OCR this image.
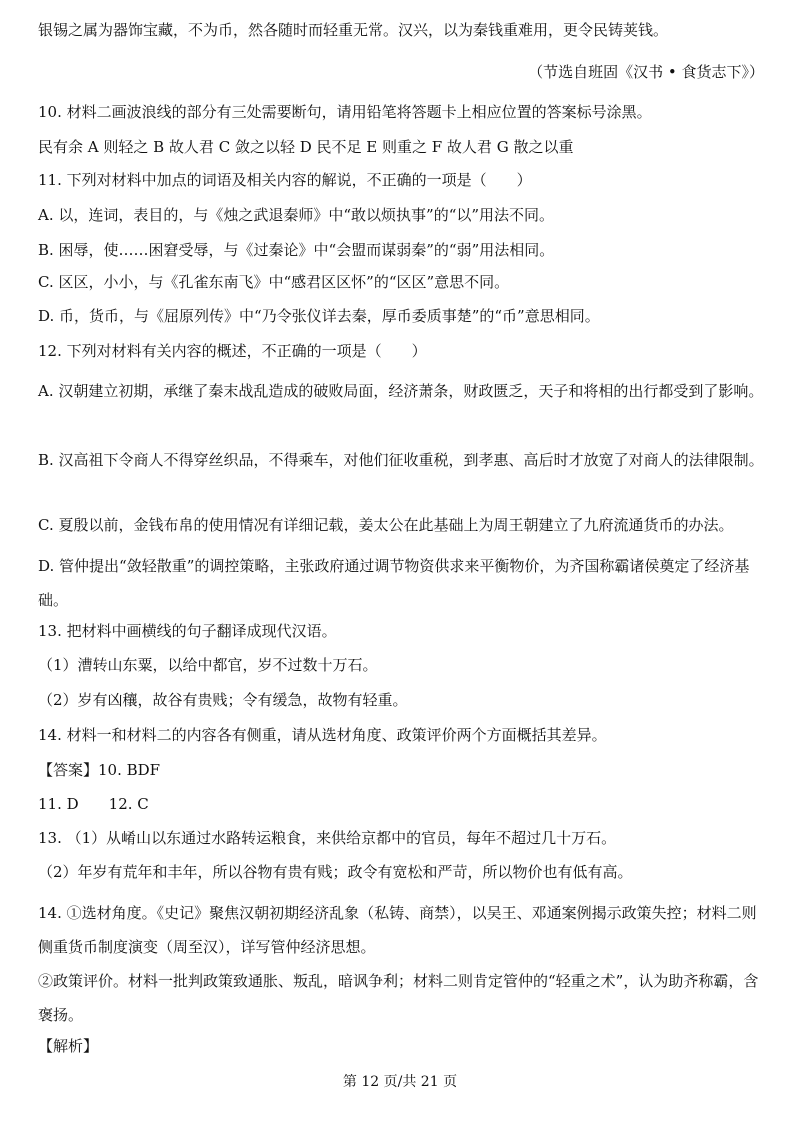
银锡之属为器饰宝藏，不为币，然各随时而轻重无常。汉兴，以为秦钱重难用，更令民铸荚钱。
（节选自班固《汉书 • 食货志下》）
10. 材料二画波浪线的部分有三处需要断句，请用铅笔将答题卡上相应位置的答案标号涂黑。
民有余 A 则轻之 B 故人君 C 敛之以轻 D 民不足 E 则重之 F 故人君 G 散之以重
11. 下列对材料中加点的词语及相关内容的解说，不正确的一项是（　　）
A. 以，连词，表目的，与《烛之武退秦师》中“敢以烦执事”的“以”用法不同。
B. 困辱，使……困窘受辱，与《过秦论》中“会盟而谋弱秦”的“弱”用法相同。
C. 区区，小小，与《孔雀东南飞》中“感君区区怀”的“区区”意思不同。
D. 币，货币，与《屈原列传》中“乃令张仪详去秦，厚币委质事楚”的“币”意思相同。
12. 下列对材料有关内容的概述，不正确的一项是（　　）
A. 汉朝建立初期，承继了秦末战乱造成的破败局面，经济萧条，财政匮乏，天子和将相的出行都受到了影响。
B. 汉高祖下令商人不得穿丝织品，不得乘车，对他们征收重税，到孝惠、高后时才放宽了对商人的法律限制。
C. 夏殷以前，金钱布帛的使用情况有详细记载，姜太公在此基础上为周王朝建立了九府流通货币的办法。
D. 管仲提出“敛轻散重”的调控策略，主张政府通过调节物资供求来平衡物价，为齐国称霸诸侯奠定了经济基础。
13. 把材料中画横线的句子翻译成现代汉语。
（1）漕转山东粟，以给中都官，岁不过数十万石。
（2）岁有凶穰，故谷有贵贱；令有缓急，故物有轻重。
14. 材料一和材料二的内容各有侧重，请从选材角度、政策评价两个方面概括其差异。
【答案】10. BDF
11. D　　12. C
13. （1）从崤山以东通过水路转运粮食，来供给京都中的官员，每年不超过几十万石。
（2）年岁有荒年和丰年，所以谷物有贵有贱；政令有宽松和严苛，所以物价也有低有高。
14. ①选材角度。《史记》聚焦汉朝初期经济乱象（私铸、商禁），以吴王、邓通案例揭示政策失控；材料二则侧重货币制度演变（周至汉），详写管仲经济思想。
②政策评价。材料一批判政策致通胀、叛乱，暗讽争利；材料二则肯定管仲的“轻重之术”，认为助齐称霸，含褒扬。
【解析】
第 12 页/共 21 页
